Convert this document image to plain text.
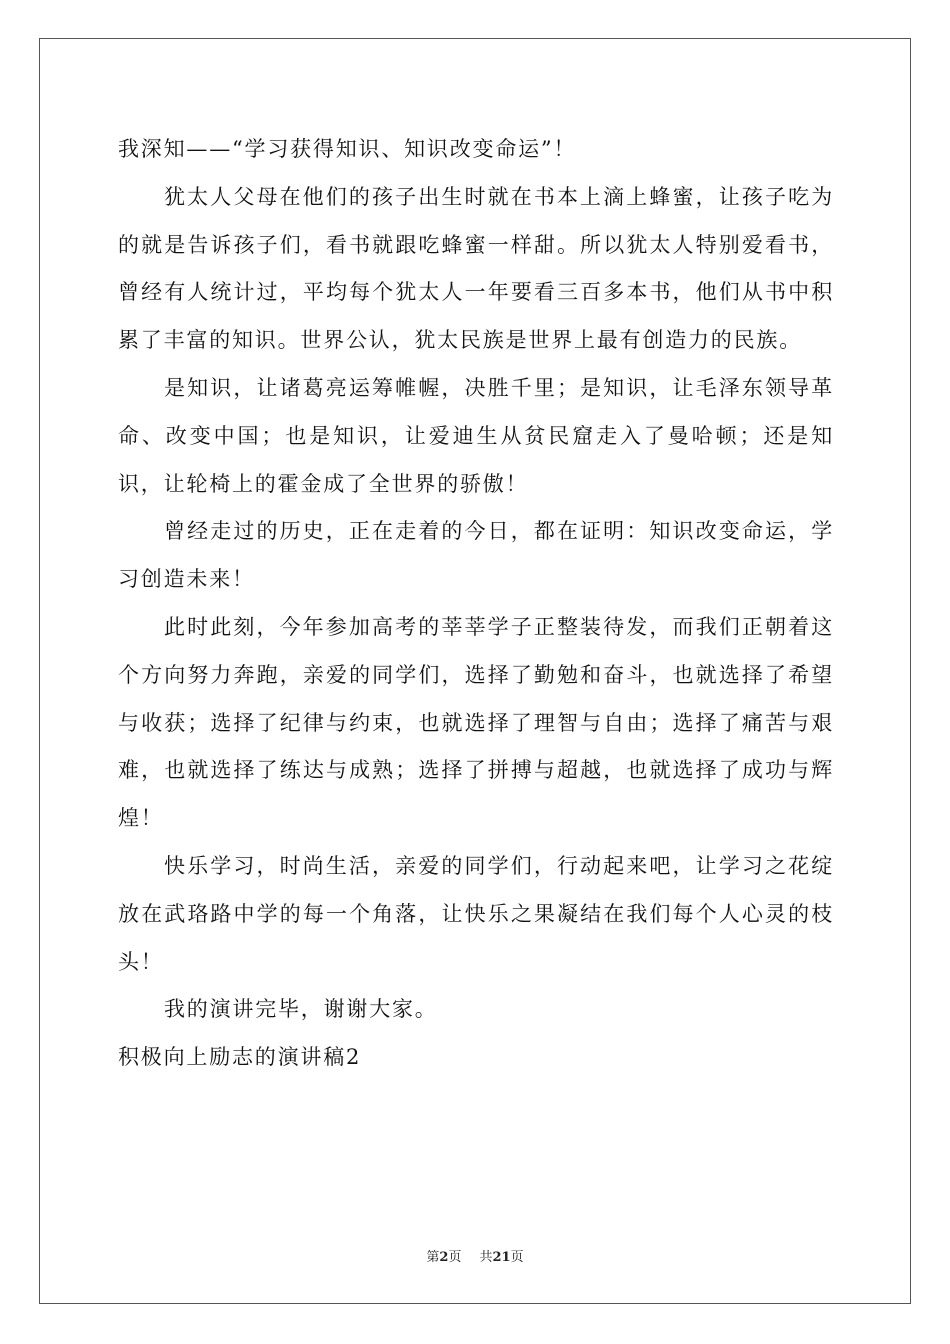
我深知——“学习获得知识、知识改变命运”！

犹太人父母在他们的孩子出生时就在书本上滴上蜂蜜，让孩子吃为的就是告诉孩子们，看书就跟吃蜂蜜一样甜。所以犹太人特别爱看书，曾经有人统计过，平均每个犹太人一年要看三百多本书，他们从书中积累了丰富的知识。世界公认，犹太民族是世界上最有创造力的民族。

是知识，让诸葛亮运筹帷幄，决胜千里；是知识，让毛泽东领导革命、改变中国；也是知识，让爱迪生从贫民窟走入了曼哈顿；还是知识，让轮椅上的霍金成了全世界的骄傲！

曾经走过的历史，正在走着的今日，都在证明：知识改变命运，学习创造未来！

此时此刻，今年参加高考的莘莘学子正整装待发，而我们正朝着这个方向努力奔跑，亲爱的同学们，选择了勤勉和奋斗，也就选择了希望与收获；选择了纪律与约束，也就选择了理智与自由；选择了痛苦与艰难，也就选择了练达与成熟；选择了拼搏与超越，也就选择了成功与辉煌！

快乐学习，时尚生活，亲爱的同学们，行动起来吧，让学习之花绽放在武珞路中学的每一个角落，让快乐之果凝结在我们每个人心灵的枝头！

我的演讲完毕，谢谢大家。

积极向上励志的演讲稿2

第2页 共21页
